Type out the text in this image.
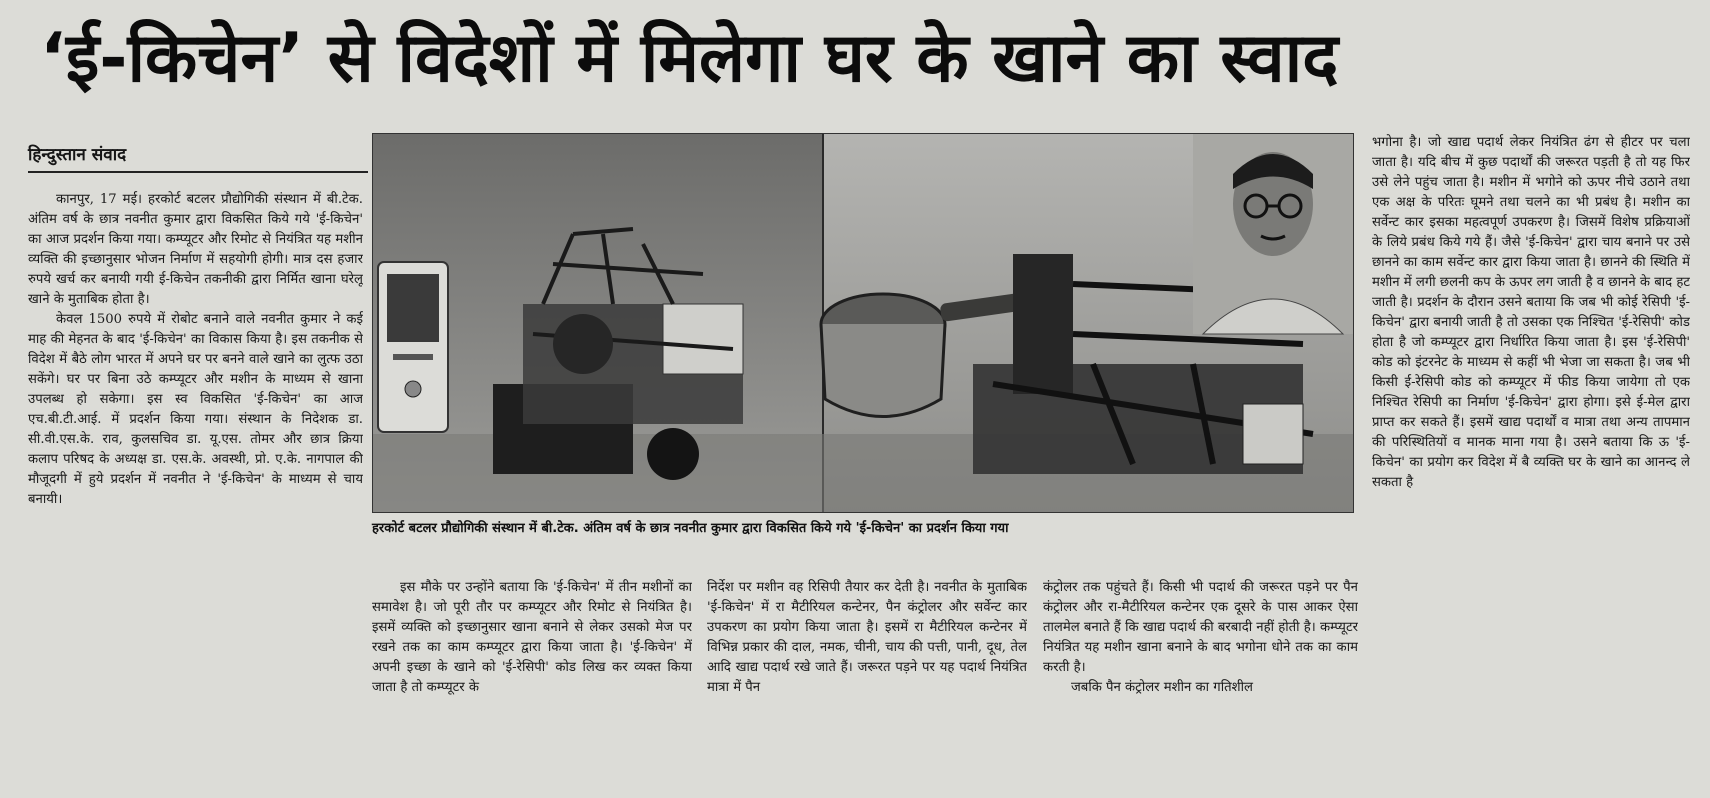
‘ई-किचेन’ से विदेशों में मिलेगा घर के खाने का स्वाद
हिन्दुस्तान संवाद

कानपुर, 17 मई। हरकोर्ट बटलर प्रौद्योगिकी संस्थान में बी.टेक. अंतिम वर्ष के छात्र नवनीत कुमार द्वारा विकसित किये गये 'ई-किचेन' का आज प्रदर्शन किया गया। कम्प्यूटर और रिमोट से नियंत्रित यह मशीन व्यक्ति की इच्छानुसार भोजन निर्माण में सहयोगी होगी। मात्र दस हजार रुपये खर्च कर बनायी गयी ई-किचेन तकनीकी द्वारा निर्मित खाना घरेलू खाने के मुताबिक होता है।

केवल 1500 रुपये में रोबोट बनाने वाले नवनीत कुमार ने कई माह की मेहनत के बाद 'ई-किचेन' का विकास किया है। इस तकनीक से विदेश में बैठे लोग भारत में अपने घर पर बनने वाले खाने का लुत्फ उठा सकेंगे। घर पर बिना उठे कम्प्यूटर और मशीन के माध्यम से खाना उपलब्ध हो सकेगा। इस स्व विकसित 'ई-किचेन' का आज एच.बी.टी.आई. में प्रदर्शन किया गया। संस्थान के निदेशक डा. सी.वी.एस.के. राव, कुलसचिव डा. यू.एस. तोमर और छात्र क्रिया कलाप परिषद के अध्यक्ष डा. एस.के. अवस्थी, प्रो. ए.के. नागपाल की मौजूदगी में हुये प्रदर्शन में नवनीत ने 'ई-किचेन' के माध्यम से चाय बनायी।

हरकोर्ट बटलर प्रौद्योगिकी संस्थान में बी.टेक. अंतिम वर्ष के छात्र नवनीत कुमार द्वारा विकसित किये गये 'ई-किचेन' का प्रदर्शन किया गया

इस मौके पर उन्होंने बताया कि 'ई-किचेन' में तीन मशीनों का समावेश है। जो पूरी तौर पर कम्प्यूटर और रिमोट से नियंत्रित है। इसमें व्यक्ति को इच्छानुसार खाना बनाने से लेकर उसको मेज पर रखने तक का काम कम्प्यूटर द्वारा किया जाता है। 'ई-किचेन' में अपनी इच्छा के खाने को 'ई-रेसिपी' कोड लिख कर व्यक्त किया जाता है तो कम्प्यूटर के

निर्देश पर मशीन वह रिसिपी तैयार कर देती है। नवनीत के मुताबिक 'ई-किचेन' में रा मैटीरियल कन्टेनर, पैन कंट्रोलर और सर्वेन्ट कार उपकरण का प्रयोग किया जाता है। इसमें रा मैटीरियल कन्टेनर में विभिन्न प्रकार की दाल, नमक, चीनी, चाय की पत्ती, पानी, दूध, तेल आदि खाद्य पदार्थ रखे जाते हैं। जरूरत पड़ने पर यह पदार्थ नियंत्रित मात्रा में पैन

कंट्रोलर तक पहुंचते हैं। किसी भी पदार्थ की जरूरत पड़ने पर पैन कंट्रोलर और रा-मैटीरियल कन्टेनर एक दूसरे के पास आकर ऐसा तालमेल बनाते हैं कि खाद्य पदार्थ की बरबादी नहीं होती है। कम्प्यूटर नियंत्रित यह मशीन खाना बनाने के बाद भगोना धोने तक का काम करती है।

जबकि पैन कंट्रोलर मशीन का गतिशील

भगोना है। जो खाद्य पदार्थ लेकर नियंत्रित ढंग से हीटर पर चला जाता है। यदि बीच में कुछ पदार्थों की जरूरत पड़ती है तो यह फिर उसे लेने पहुंच जाता है। मशीन में भगोने को ऊपर नीचे उठाने तथा एक अक्ष के परितः घूमने तथा चलने का भी प्रबंध है। मशीन का सर्वेन्ट कार इसका महत्वपूर्ण उपकरण है। जिसमें विशेष प्रक्रियाओं के लिये प्रबंध किये गये हैं। जैसे 'ई-किचेन' द्वारा चाय बनाने पर उसे छानने का काम सर्वेन्ट कार द्वारा किया जाता है। छानने की स्थिति में मशीन में लगी छलनी कप के ऊपर लग जाती है व छानने के बाद हट जाती है। प्रदर्शन के दौरान उसने बताया कि जब भी कोई रेसिपी 'ई-किचेन' द्वारा बनायी जाती है तो उसका एक निश्चित 'ई-रेसिपी' कोड होता है जो कम्प्यूटर द्वारा निर्धारित किया जाता है। इस 'ई-रेसिपी' कोड को इंटरनेट के माध्यम से कहीं भी भेजा जा सकता है। जब भी किसी ई-रेसिपी कोड को कम्प्यूटर में फीड किया जायेगा तो एक निश्चित रेसिपी का निर्माण 'ई-किचेन' द्वारा होगा। इसे ई-मेल द्वारा प्राप्त कर सकते हैं। इसमें खाद्य पदार्थों व मात्रा तथा अन्य तापमान की परिस्थितियों व मानक माना गया है। उसने बताया कि ऊ 'ई-किचेन' का प्रयोग कर विदेश में बै व्यक्ति घर के खाने का आनन्द ले सकता है
